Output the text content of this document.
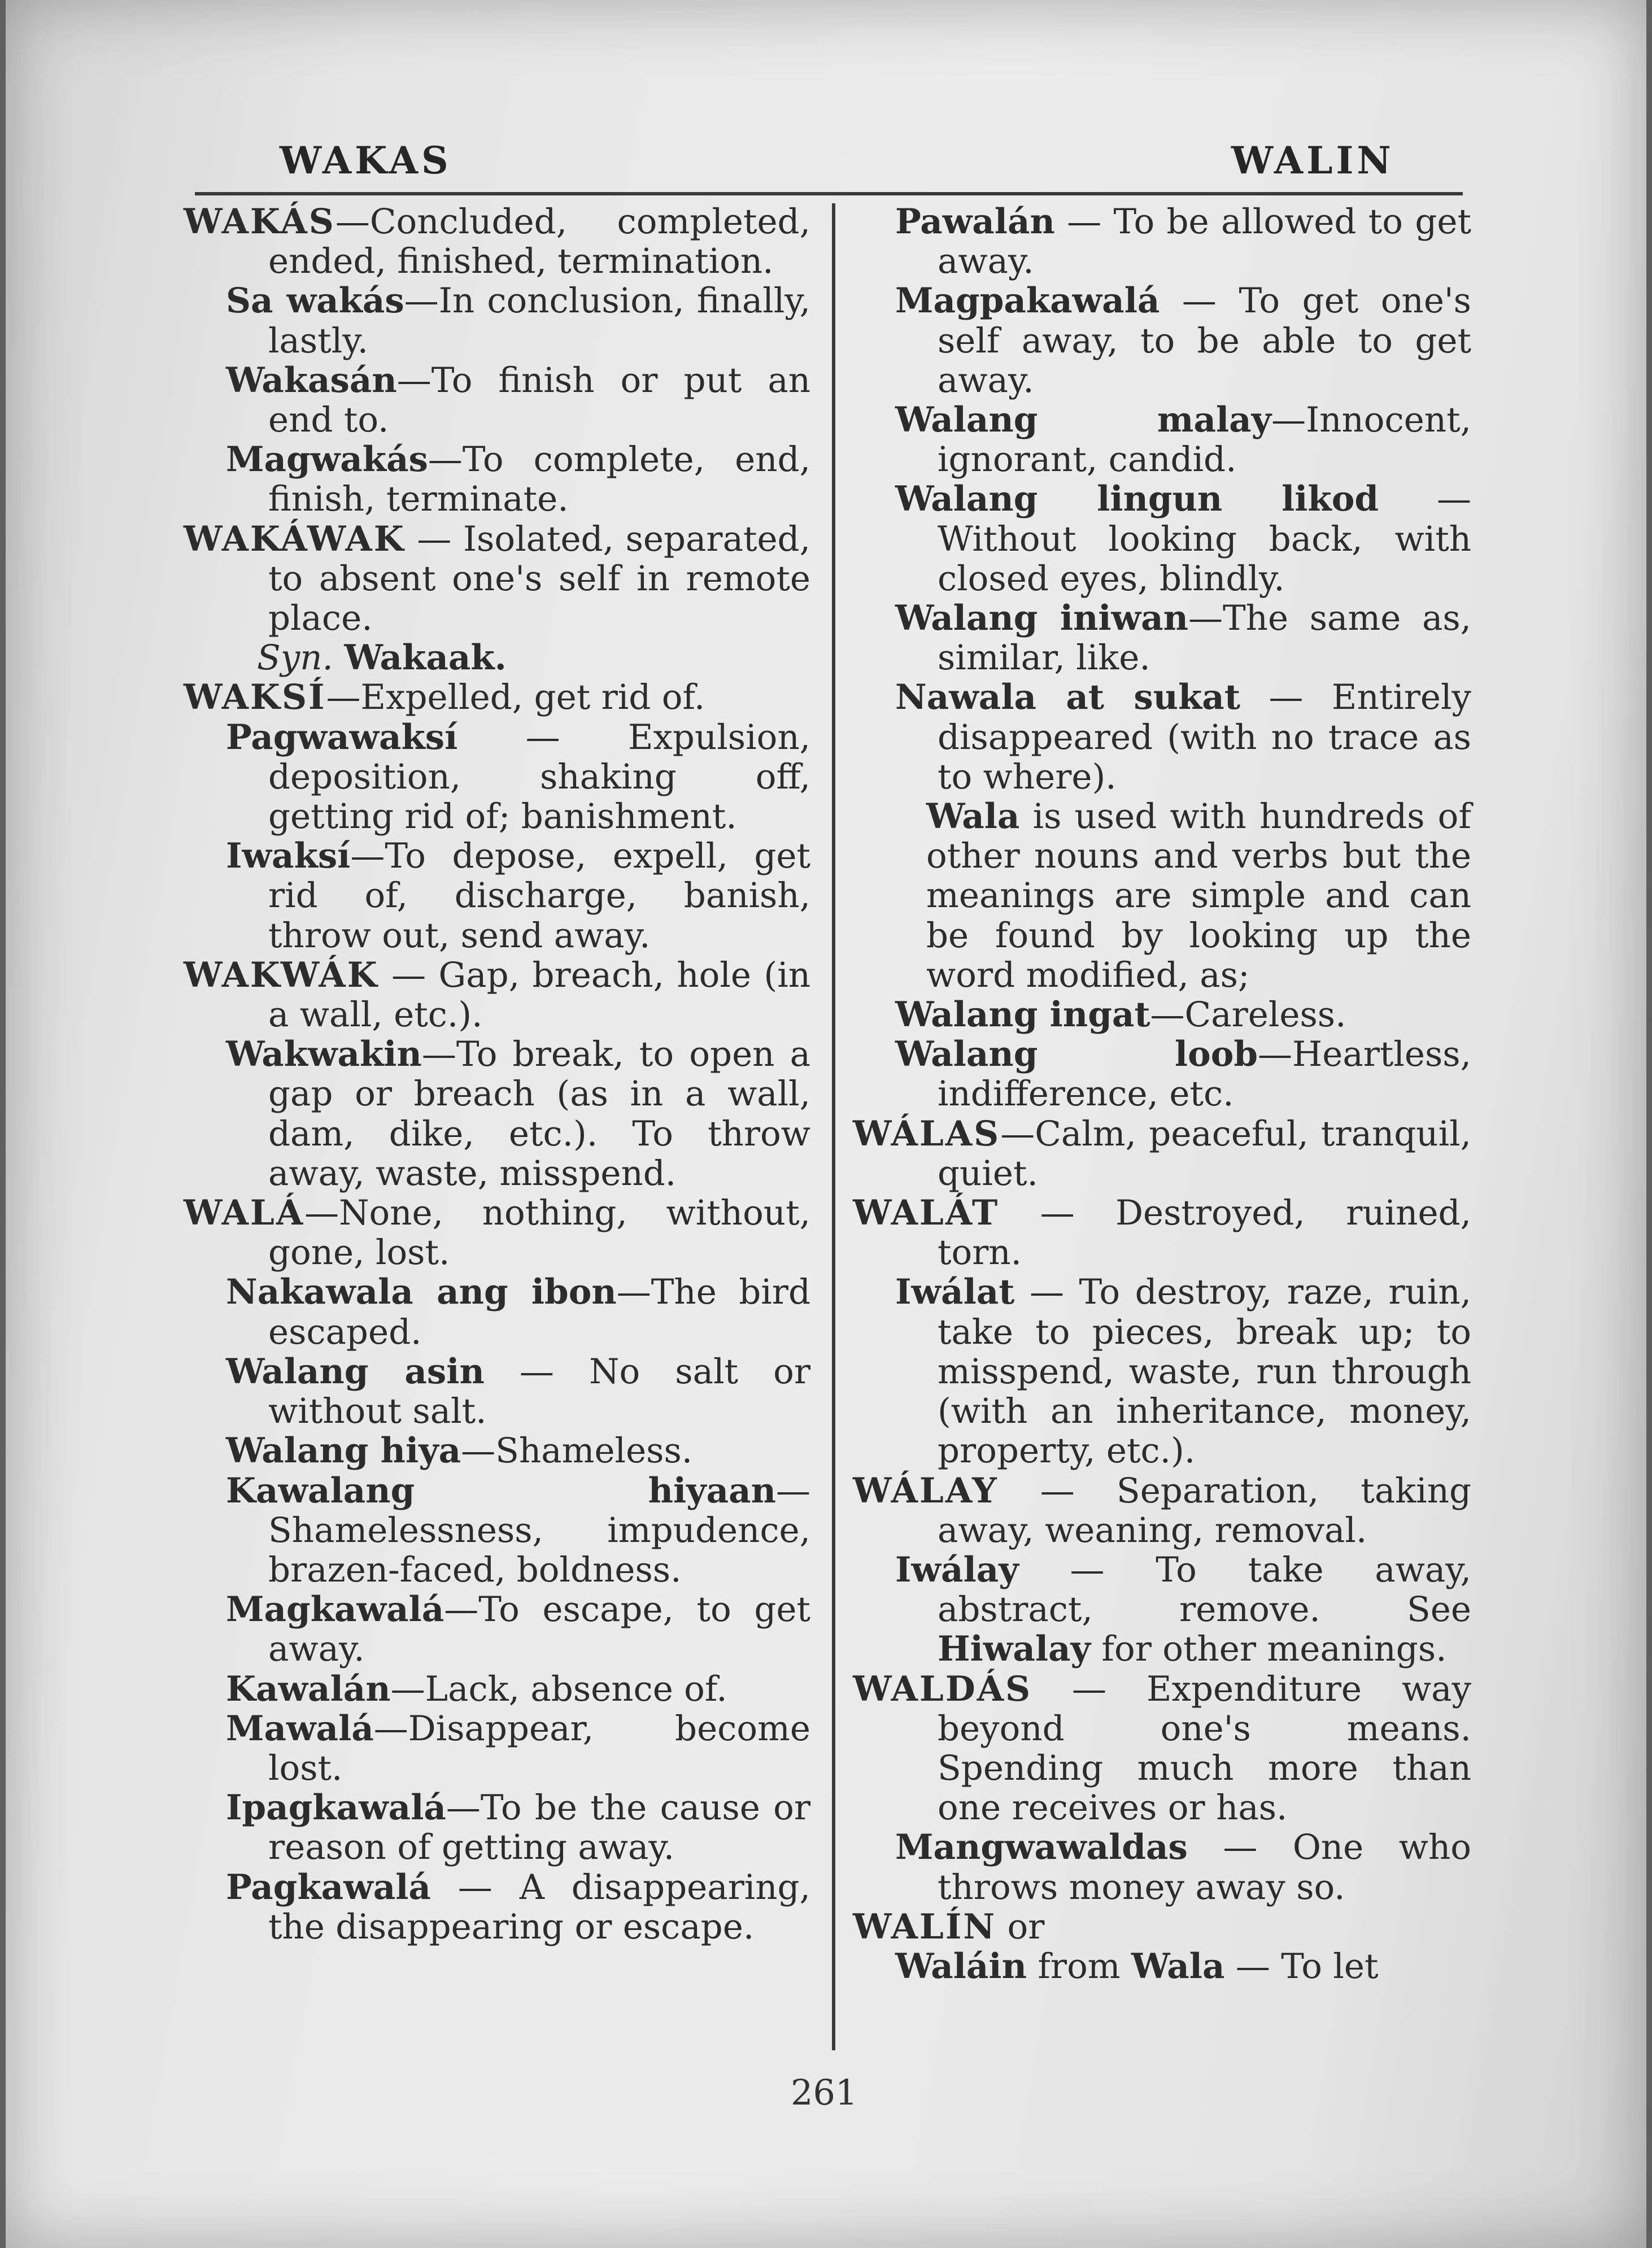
WAKAS	WALIN

WAKÁS—Concluded, completed, ended, finished, termination.

Sa wakás—In conclusion, finally, lastly.

Wakasán—To finish or put an end to.

Magwakás—To complete, end, finish, terminate.

WAKÁWAK — Isolated, separated, to absent one's self in remote place.

Syn. Wakaak.

WAKSÍ—Expelled, get rid of.

Pagwawaksí — Expulsion, deposition, shaking off, getting rid of; banishment.

Iwaksí—To depose, expell, get rid of, discharge, banish, throw out, send away.

WAKWÁK — Gap, breach, hole (in a wall, etc.).

Wakwakin—To break, to open a gap or breach (as in a wall, dam, dike, etc.). To throw away, waste, misspend.

WALÁ—None, nothing, without, gone, lost.

Nakawala ang ibon—The bird escaped.

Walang asin — No salt or without salt.

Walang hiya—Shameless.

Kawalang hiyaan—Shamelessness, impudence, brazen-faced, boldness.

Magkawalá—To escape, to get away.

Kawalán—Lack, absence of.

Mawalá—Disappear, become lost.

Ipagkawalá—To be the cause or reason of getting away.

Pagkawalá — A disappearing, the disappearing or escape.

Pawalán — To be allowed to get away.

Magpakawalá — To get one's self away, to be able to get away.

Walang malay—Innocent, ignorant, candid.

Walang lingun likod — Without looking back, with closed eyes, blindly.

Walang iniwan—The same as, similar, like.

Nawala at sukat — Entirely disappeared (with no trace as to where).

Wala is used with hundreds of other nouns and verbs but the meanings are simple and can be found by looking up the word modified, as;

Walang ingat—Careless.

Walang loob—Heartless, indifference, etc.

WÁLAS—Calm, peaceful, tranquil, quiet.

WALÁT — Destroyed, ruined, torn.

Iwálat — To destroy, raze, ruin, take to pieces, break up; to misspend, waste, run through (with an inheritance, money, property, etc.).

WÁLAY — Separation, taking away, weaning, removal.

Iwálay — To take away, abstract, remove. See Hiwalay for other meanings.

WALDÁS — Expenditure way beyond one's means. Spending much more than one receives or has.

Mangwawaldas — One who throws money away so.

WALÍN or

Waláin from Wala — To let

261
